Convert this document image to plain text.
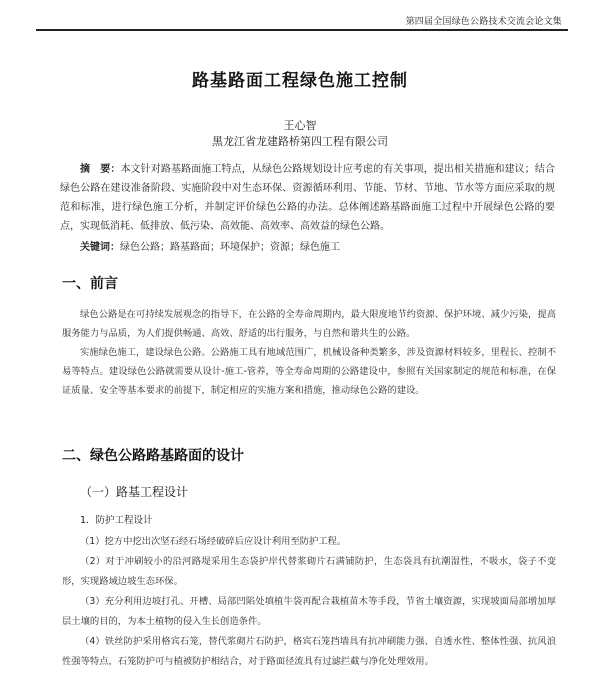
第四届全国绿色公路技术交流会论文集
路基路面工程绿色施工控制
王心智
黑龙江省龙建路桥第四工程有限公司
摘　要：本文针对路基路面施工特点，从绿色公路规划设计应考虑的有关事项，提出相关措施和建议；结合绿色公路在建设准备阶段、实施阶段中对生态环保、资源循环利用、节能、节材、节地、节水等方面应采取的规范和标准，进行绿色施工分析，并制定评价绿色公路的办法。总体阐述路基路面施工过程中开展绿色公路的要点，实现低消耗、低排放、低污染、高效能、高效率、高效益的绿色公路。
关键词：绿色公路；路基路面；环境保护；资源；绿色施工
一、前言
绿色公路是在可持续发展观念的指导下，在公路的全寿命周期内，最大限度地节约资源、保护环境、减少污染，提高服务能力与品质，为人们提供畅通、高效、舒适的出行服务，与自然和谐共生的公路。
实施绿色施工，建设绿色公路。公路施工具有地域范围广，机械设备种类繁多，涉及资源材料较多，里程长、控制不易等特点。建设绿色公路就需要从设计-施工-管养，等全寿命周期的公路建设中，参照有关国家制定的规范和标准，在保证质量、安全等基本要求的前提下，制定相应的实施方案和措施，推动绿色公路的建设。
二、绿色公路路基路面的设计
（一）路基工程设计
1．防护工程设计
（1）挖方中挖出次坚石经石场经破碎后应设计利用至防护工程。
（2）对于冲刷较小的沿河路堤采用生态袋护岸代替浆砌片石满铺防护，生态袋具有抗潮湿性，不吸水，袋子不变形，实现路域边坡生态环保。
（3）充分利用边坡打孔、开槽、局部凹陷处填植牛袋再配合栽植苗木等手段，节省土壤资源，实现坡面局部增加厚层土壤的目的，为本土植物的侵入生长创造条件。
（4）铁丝防护采用格宾石笼，替代浆砌片石防护，格宾石笼挡墙具有抗冲刷能力强、自透水性、整体性强、抗风浪性强等特点，石笼防护可与植被防护相结合，对于路面径流具有过滤拦截与净化处理效用。
